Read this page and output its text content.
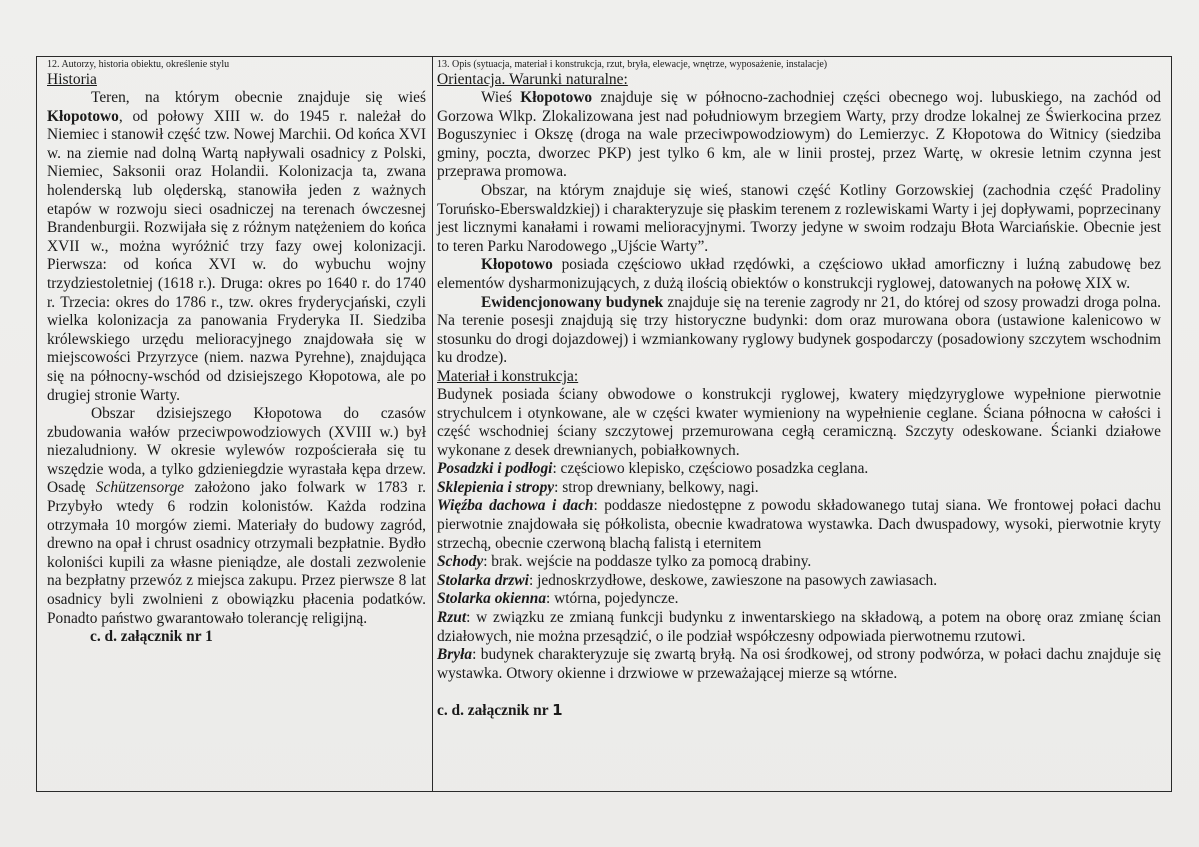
12. Autorzy, historia obiektu, określenie stylu

Historia

Teren, na którym obecnie znajduje się wieś Kłopotowo, od połowy XIII w. do 1945 r. należał do Niemiec i stanowił część tzw. Nowej Marchii. Od końca XVI w. na ziemie nad dolną Wartą napływali osadnicy z Polski, Niemiec, Saksonii oraz Holandii. Kolonizacja ta, zwana holenderską lub olęderską, stanowiła jeden z ważnych etapów w rozwoju sieci osadniczej na terenach ówczesnej Brandenburgii. Rozwijała się z różnym natężeniem do końca XVII w., można wyróżnić trzy fazy owej kolonizacji. Pierwsza: od końca XVI w. do wybuchu wojny trzydziestoletniej (1618 r.). Druga: okres po 1640 r. do 1740 r. Trzecia: okres do 1786 r., tzw. okres fryderycjański, czyli wielka kolonizacja za panowania Fryderyka II. Siedziba królewskiego urzędu melioracyjnego znajdowała się w miejscowości Przyrzyce (niem. nazwa Pyrehne), znajdująca się na północny-wschód od dzisiejszego Kłopotowa, ale po drugiej stronie Warty.

Obszar dzisiejszego Kłopotowa do czasów zbudowania wałów przeciwpowodziowych (XVIII w.) był niezaludniony. W okresie wylewów rozpościerała się tu wszędzie woda, a tylko gdzieniegdzie wyrastała kępa drzew. Osadę Schützensorge założono jako folwark w 1783 r. Przybyło wtedy 6 rodzin kolonistów. Każda rodzina otrzymała 10 morgów ziemi. Materiały do budowy zagród, drewno na opał i chrust osadnicy otrzymali bezpłatnie. Bydło koloniści kupili za własne pieniądze, ale dostali zezwolenie na bezpłatny przewóz z miejsca zakupu. Przez pierwsze 8 lat osadnicy byli zwolnieni z obowiązku płacenia podatków. Ponadto państwo gwarantowało tolerancję religijną.

c. d. załącznik nr 1

13. Opis (sytuacja, materiał i konstrukcja, rzut, bryła, elewacje, wnętrze, wyposażenie, instalacje)

Orientacja. Warunki naturalne:

Wieś Kłopotowo znajduje się w północno-zachodniej części obecnego woj. lubuskiego, na zachód od Gorzowa Wlkp. Zlokalizowana jest nad południowym brzegiem Warty, przy drodze lokalnej ze Świerkocina przez Boguszyniec i Okszę (droga na wale przeciwpowodziowym) do Lemierzyc. Z Kłopotowa do Witnicy (siedziba gminy, poczta, dworzec PKP) jest tylko 6 km, ale w linii prostej, przez Wartę, w okresie letnim czynna jest przeprawa promowa.

Obszar, na którym znajduje się wieś, stanowi część Kotliny Gorzowskiej (zachodnia część Pradoliny Toruńsko-Eberswaldzkiej) i charakteryzuje się płaskim terenem z rozlewiskami Warty i jej dopływami, poprzecinany jest licznymi kanałami i rowami melioracyjnymi. Tworzy jedyne w swoim rodzaju Błota Warciańskie. Obecnie jest to teren Parku Narodowego „Ujście Warty”.

Kłopotowo posiada częściowo układ rzędówki, a częściowo układ amorficzny i luźną zabudowę bez elementów dysharmonizujących, z dużą ilością obiektów o konstrukcji ryglowej, datowanych na połowę XIX w.

Ewidencjonowany budynek znajduje się na terenie zagrody nr 21, do której od szosy prowadzi droga polna. Na terenie posesji znajdują się trzy historyczne budynki: dom oraz murowana obora (ustawione kalenicowo w stosunku do drogi dojazdowej) i wzmiankowany ryglowy budynek gospodarczy (posadowiony szczytem wschodnim ku drodze).

Materiał i konstrukcja:

Budynek posiada ściany obwodowe o konstrukcji ryglowej, kwatery międzyryglowe wypełnione pierwotnie strychulcem i otynkowane, ale w części kwater wymieniony na wypełnienie ceglane. Ściana północna w całości i część wschodniej ściany szczytowej przemurowana cegłą ceramiczną. Szczyty odeskowane. Ścianki działowe wykonane z desek drewnianych, pobiałkownych.

Posadzki i podłogi: częściowo klepisko, częściowo posadzka ceglana.

Sklepienia i stropy: strop drewniany, belkowy, nagi.

Więźba dachowa i dach: poddasze niedostępne z powodu składowanego tutaj siana. We frontowej połaci dachu pierwotnie znajdowała się półkolista, obecnie kwadratowa wystawka. Dach dwuspadowy, wysoki, pierwotnie kryty strzechą, obecnie czerwoną blachą falistą i eternitem

Schody: brak. wejście na poddasze tylko za pomocą drabiny.

Stolarka drzwi: jednoskrzydłowe, deskowe, zawieszone na pasowych zawiasach.

Stolarka okienna: wtórna, pojedyncze.

Rzut: w związku ze zmianą funkcji budynku z inwentarskiego na składową, a potem na oborę oraz zmianę ścian działowych, nie można przesądzić, o ile podział współczesny odpowiada pierwotnemu rzutowi.

Bryła: budynek charakteryzuje się zwartą bryłą. Na osi środkowej, od strony podwórza, w połaci dachu znajduje się wystawka. Otwory okienne i drzwiowe w przeważającej mierze są wtórne.

c. d. załącznik nr 1
